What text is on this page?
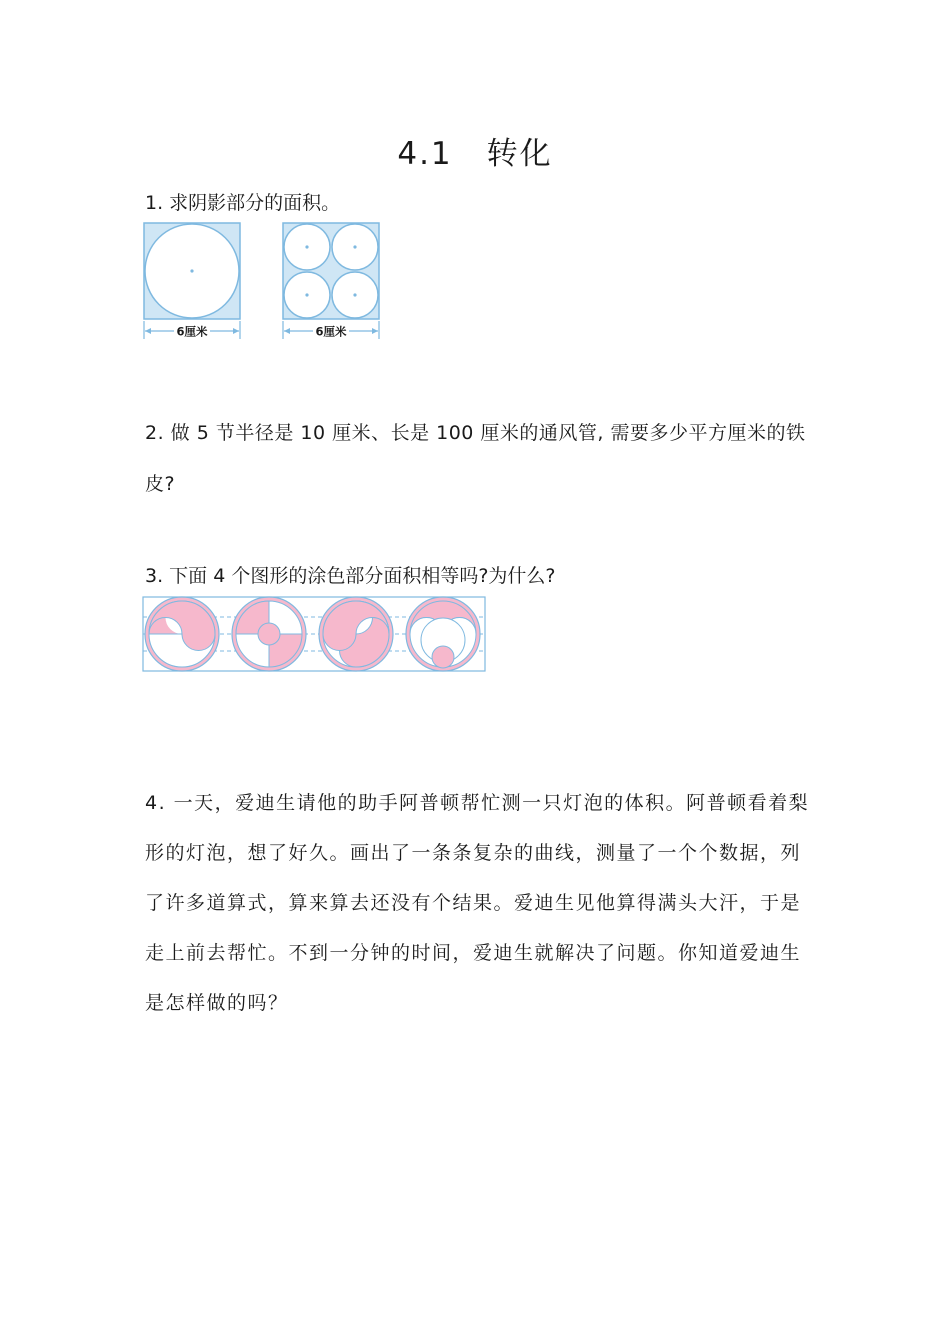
4.1 转化

1. 求阴影部分的面积。

6厘米	6厘米

2. 做 5 节半径是 10 厘米、长是 100 厘米的通风管, 需要多少平方厘米的铁皮?

3. 下面 4 个图形的涂色部分面积相等吗?为什么?

4. 一天，爱迪生请他的助手阿普顿帮忙测一只灯泡的体积。阿普顿看着梨形的灯泡，想了好久。画出了一条条复杂的曲线，测量了一个个数据，列了许多道算式，算来算去还没有个结果。爱迪生见他算得满头大汗，于是走上前去帮忙。不到一分钟的时间，爱迪生就解决了问题。你知道爱迪生是怎样做的吗？
